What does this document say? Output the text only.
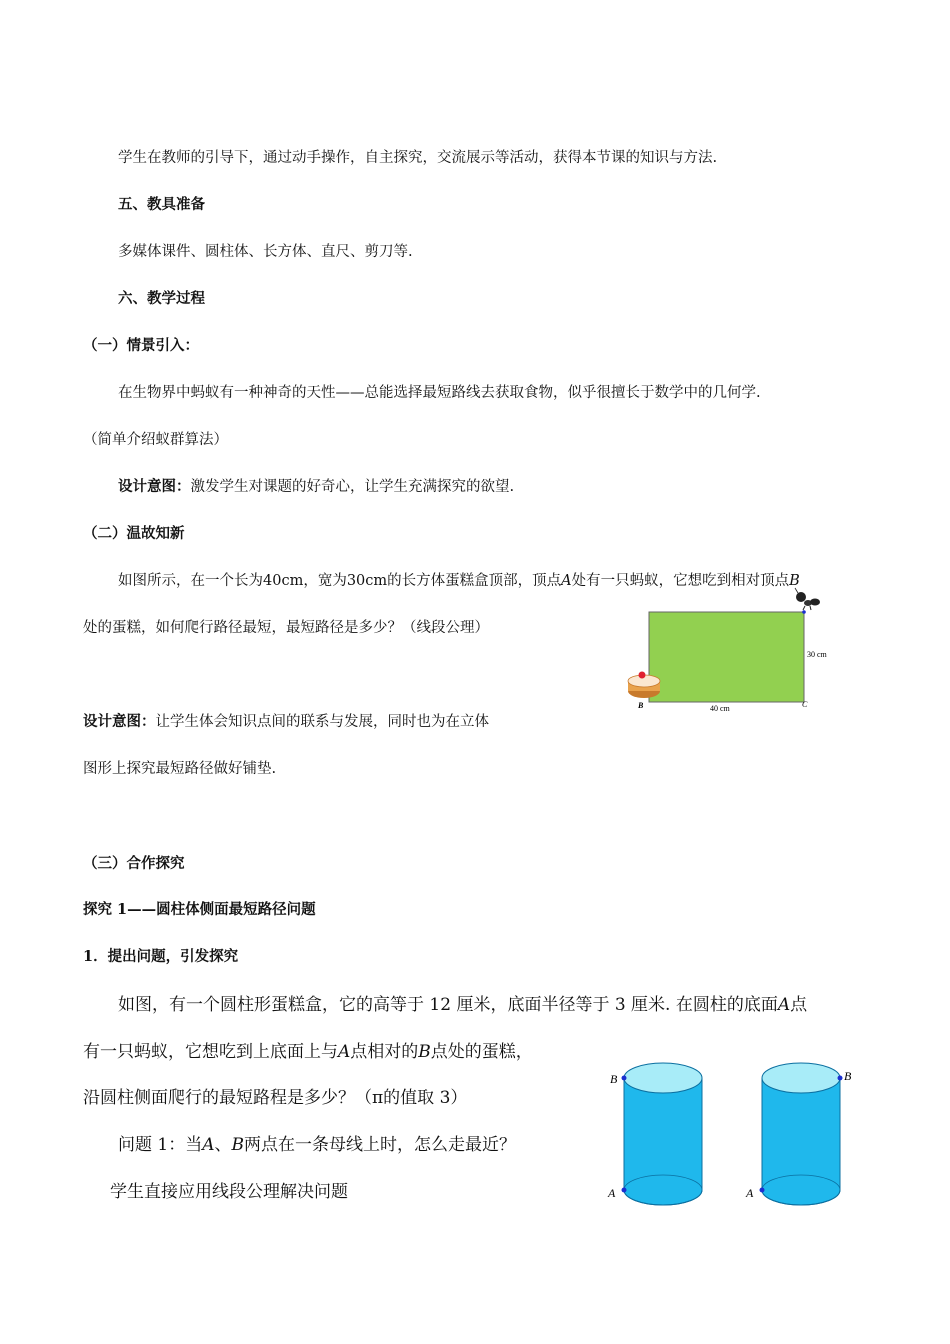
学生在教师的引导下，通过动手操作，自主探究，交流展示等活动，获得本节课的知识与方法.

五、教具准备

多媒体课件、圆柱体、长方体、直尺、剪刀等.

六、教学过程

（一）情景引入：

在生物界中蚂蚁有一种神奇的天性——总能选择最短路线去获取食物，似乎很擅长于数学中的几何学.

（简单介绍蚁群算法）

设计意图：激发学生对课题的好奇心，让学生充满探究的欲望.

（二）温故知新

如图所示，在一个长为40cm，宽为30cm的长方体蛋糕盒顶部，顶点A处有一只蚂蚁，它想吃到相对顶点B

处的蛋糕，如何爬行路径最短，最短路径是多少？（线段公理）

设计意图：让学生体会知识点间的联系与发展，同时也为在立体

图形上探究最短路径做好铺垫.

（三）合作探究

探究 1——圆柱体侧面最短路径问题

1．提出问题，引发探究

如图，有一个圆柱形蛋糕盒，它的高等于 12 厘米，底面半径等于 3 厘米. 在圆柱的底面A点

有一只蚂蚁，它想吃到上底面上与A点相对的B点处的蛋糕，

沿圆柱侧面爬行的最短路程是多少？（π的值取 3）

问题 1：当A、B两点在一条母线上时，怎么走最近？

学生直接应用线段公理解决问题

30 cm
40 cm
B	C
B
A
B
A
